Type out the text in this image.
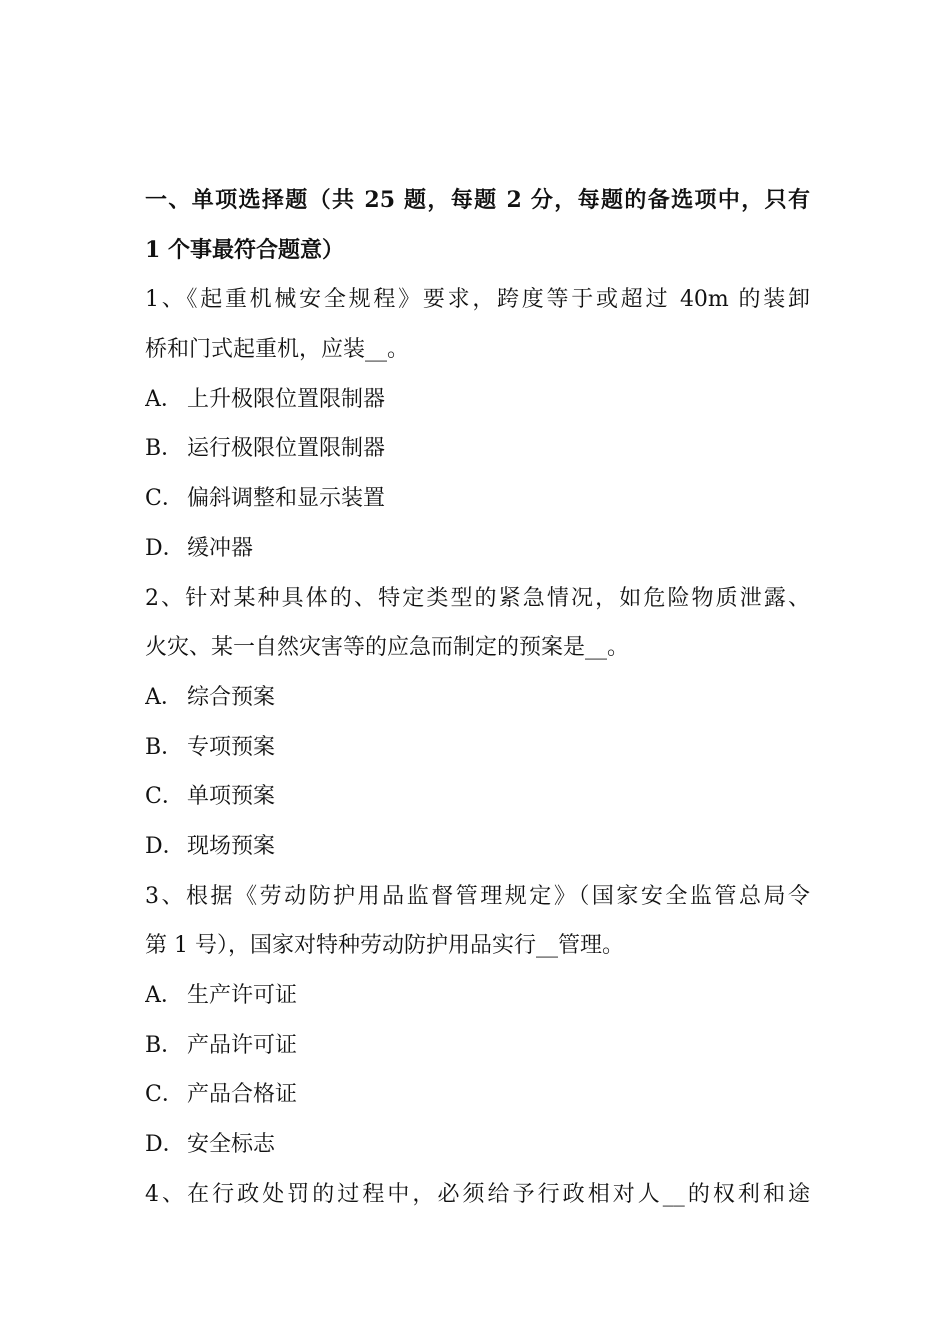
一、单项选择题（共 25 题，每题 2 分，每题的备选项中，只有

1 个事最符合题意）

1、《起重机械安全规程》要求，跨度等于或超过 40m 的装卸

桥和门式起重机，应装__。

A． 上升极限位置限制器

B． 运行极限位置限制器

C． 偏斜调整和显示装置

D． 缓冲器

2、针对某种具体的、特定类型的紧急情况，如危险物质泄露、

火灾、某一自然灾害等的应急而制定的预案是__。

A． 综合预案

B． 专项预案

C． 单项预案

D． 现场预案

3、根据《劳动防护用品监督管理规定》（国家安全监管总局令

第 1 号），国家对特种劳动防护用品实行__管理。

A． 生产许可证

B． 产品许可证

C． 产品合格证

D． 安全标志

4、在行政处罚的过程中，必须给予行政相对人__的权利和途
